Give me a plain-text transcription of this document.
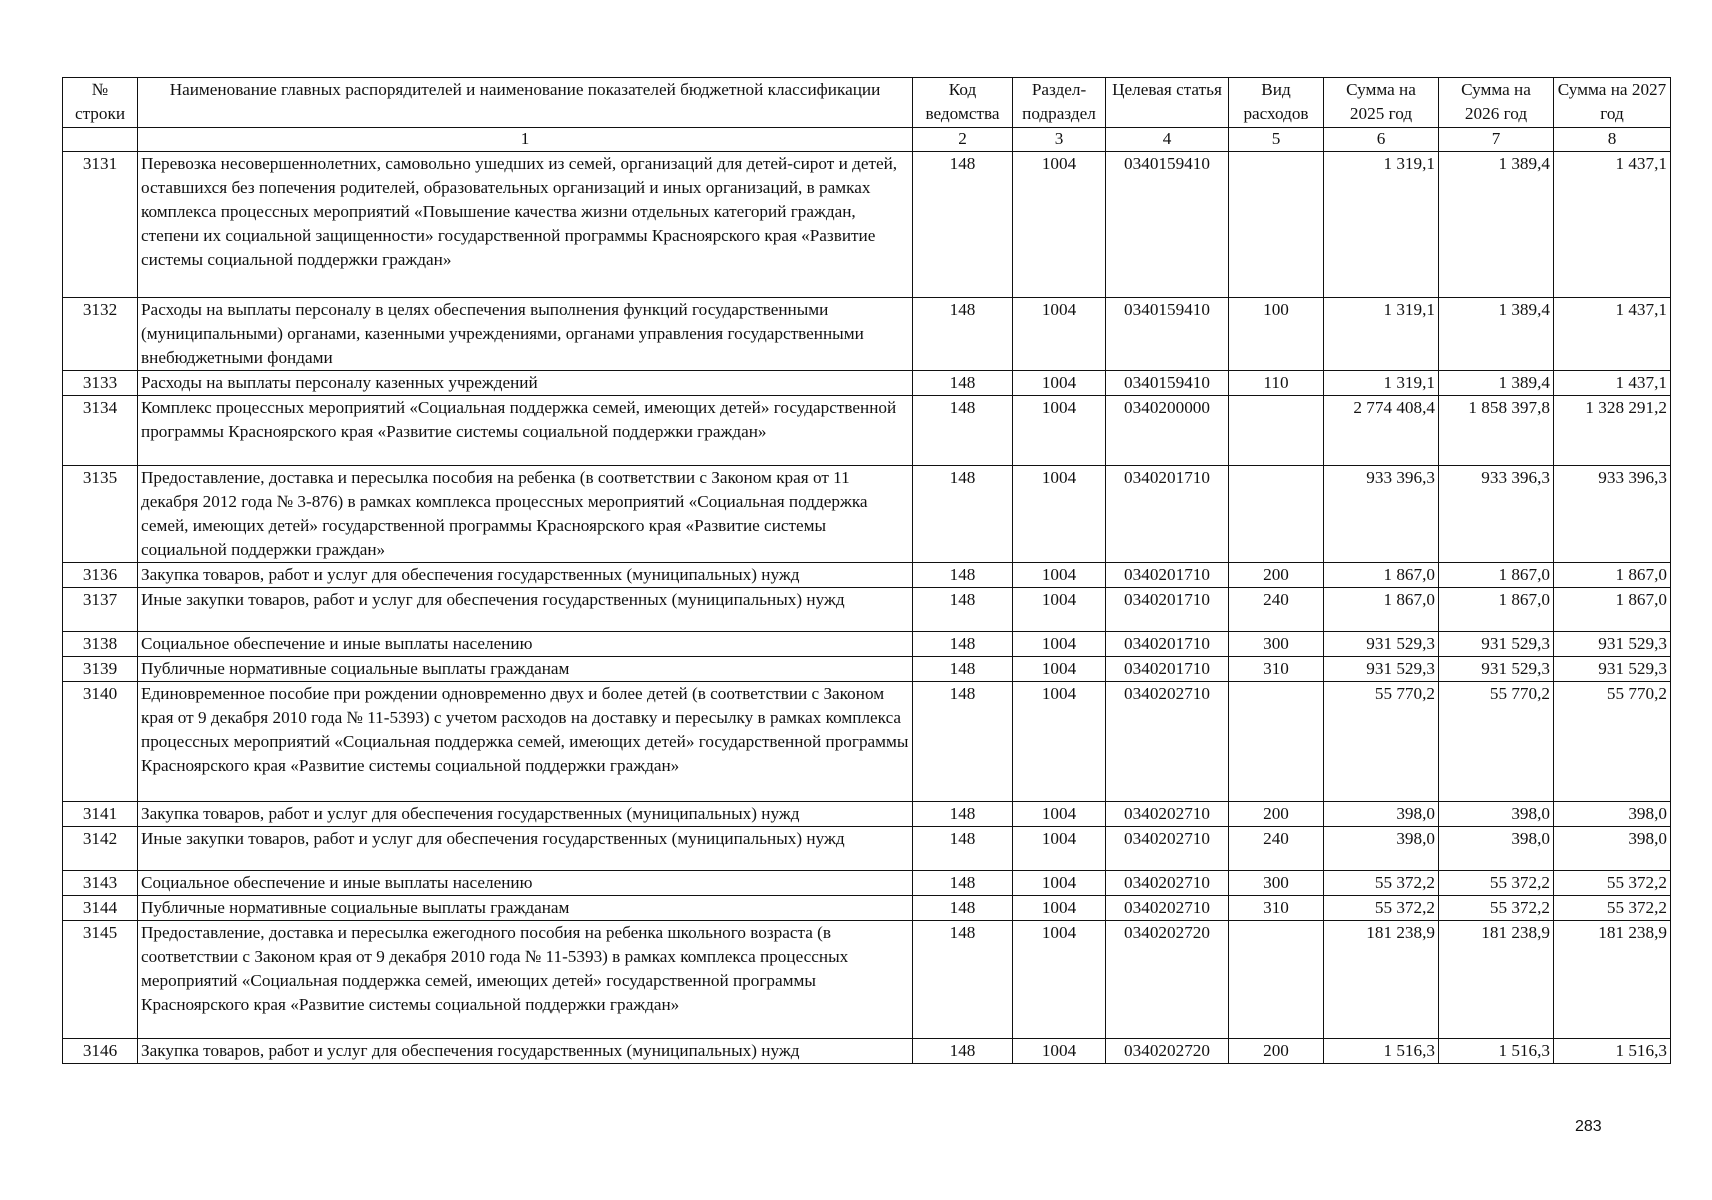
№ строки	Наименование главных распорядителей и наименование показателей бюджетной классификации	Код ведомства	Раздел-подраздел	Целевая статья	Вид расходов	Сумма на 2025 год	Сумма на 2026 год	Сумма на 2027 год
	1	2	3	4	5	6	7	8
3131	Перевозка несовершеннолетних, самовольно ушедших из семей, организаций для детей-сирот и детей, оставшихся без попечения родителей, образовательных организаций и иных организаций, в рамках комплекса процессных мероприятий «Повышение качества жизни отдельных категорий граждан, степени их социальной защищенности» государственной программы Красноярского края «Развитие системы социальной поддержки граждан»	148	1004	0340159410		1 319,1	1 389,4	1 437,1
3132	Расходы на выплаты персоналу в целях обеспечения выполнения функций государственными (муниципальными) органами, казенными учреждениями, органами управления государственными внебюджетными фондами	148	1004	0340159410	100	1 319,1	1 389,4	1 437,1
3133	Расходы на выплаты персоналу казенных учреждений	148	1004	0340159410	110	1 319,1	1 389,4	1 437,1
3134	Комплекс процессных мероприятий «Социальная поддержка семей, имеющих детей» государственной программы Красноярского края «Развитие системы социальной поддержки граждан»	148	1004	0340200000		2 774 408,4	1 858 397,8	1 328 291,2
3135	Предоставление, доставка и пересылка пособия на ребенка (в соответствии с Законом края от 11 декабря 2012 года № 3-876) в рамках комплекса процессных мероприятий «Социальная поддержка семей, имеющих детей» государственной программы Красноярского края «Развитие системы социальной поддержки граждан»	148	1004	0340201710		933 396,3	933 396,3	933 396,3
3136	Закупка товаров, работ и услуг для обеспечения государственных (муниципальных) нужд	148	1004	0340201710	200	1 867,0	1 867,0	1 867,0
3137	Иные закупки товаров, работ и услуг для обеспечения государственных (муниципальных) нужд	148	1004	0340201710	240	1 867,0	1 867,0	1 867,0
3138	Социальное обеспечение и иные выплаты населению	148	1004	0340201710	300	931 529,3	931 529,3	931 529,3
3139	Публичные нормативные социальные выплаты гражданам	148	1004	0340201710	310	931 529,3	931 529,3	931 529,3
3140	Единовременное пособие при рождении одновременно двух и более детей (в соответствии с Законом края от 9 декабря 2010 года № 11-5393) с учетом расходов на доставку и пересылку в рамках комплекса процессных мероприятий «Социальная поддержка семей, имеющих детей» государственной программы Красноярского края «Развитие системы социальной поддержки граждан»	148	1004	0340202710		55 770,2	55 770,2	55 770,2
3141	Закупка товаров, работ и услуг для обеспечения государственных (муниципальных) нужд	148	1004	0340202710	200	398,0	398,0	398,0
3142	Иные закупки товаров, работ и услуг для обеспечения государственных (муниципальных) нужд	148	1004	0340202710	240	398,0	398,0	398,0
3143	Социальное обеспечение и иные выплаты населению	148	1004	0340202710	300	55 372,2	55 372,2	55 372,2
3144	Публичные нормативные социальные выплаты гражданам	148	1004	0340202710	310	55 372,2	55 372,2	55 372,2
3145	Предоставление, доставка и пересылка ежегодного пособия на ребенка школьного возраста (в соответствии с Законом края от 9 декабря 2010 года № 11-5393) в рамках комплекса процессных мероприятий «Социальная поддержка семей, имеющих детей» государственной программы Красноярского края «Развитие системы социальной поддержки граждан»	148	1004	0340202720		181 238,9	181 238,9	181 238,9
3146	Закупка товаров, работ и услуг для обеспечения государственных (муниципальных) нужд	148	1004	0340202720	200	1 516,3	1 516,3	1 516,3
283
